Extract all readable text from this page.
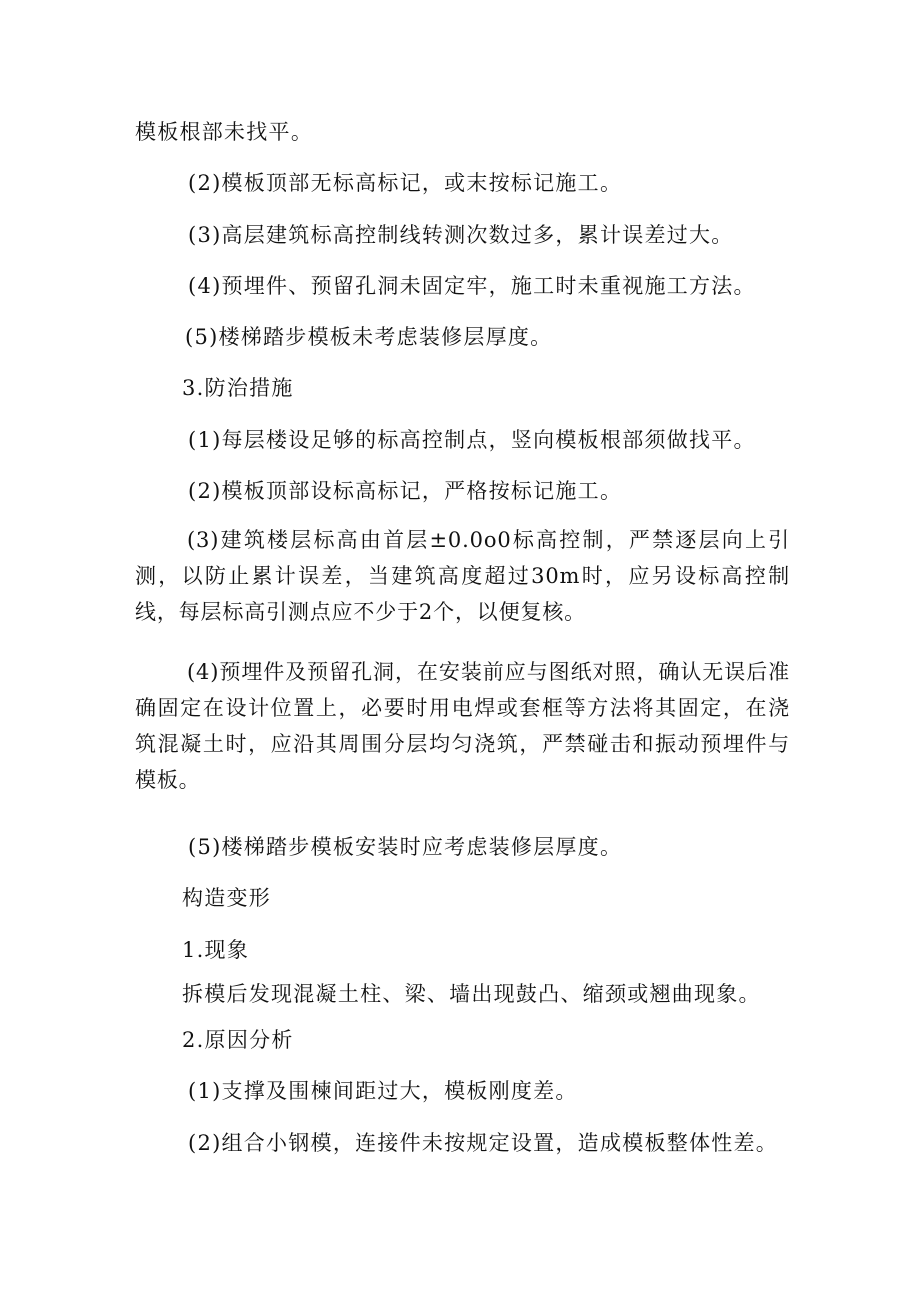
模板根部未找平。
(2)模板顶部无标高标记，或末按标记施工。
(3)高层建筑标高控制线转测次数过多，累计误差过大。
(4)预埋件、预留孔洞未固定牢，施工时未重视施工方法。
(5)楼梯踏步模板未考虑装修层厚度。
3.防治措施
(1)每层楼设足够的标高控制点，竖向模板根部须做找平。
(2)模板顶部设标高标记，严格按标记施工。
(3)建筑楼层标高由首层±0.0o0标高控制，严禁逐层向上引测，以防止累计误差，当建筑高度超过30m时，应另设标高控制线，每层标高引测点应不少于2个，以便复核。
(4)预埋件及预留孔洞，在安装前应与图纸对照，确认无误后准确固定在设计位置上，必要时用电焊或套框等方法将其固定，在浇筑混凝土时，应沿其周围分层均匀浇筑，严禁碰击和振动预埋件与模板。
(5)楼梯踏步模板安装时应考虑装修层厚度。
构造变形
1.现象
拆模后发现混凝土柱、梁、墙出现鼓凸、缩颈或翘曲现象。
2.原因分析
(1)支撑及围楝间距过大，模板刚度差。
(2)组合小钢模，连接件未按规定设置，造成模板整体性差。
